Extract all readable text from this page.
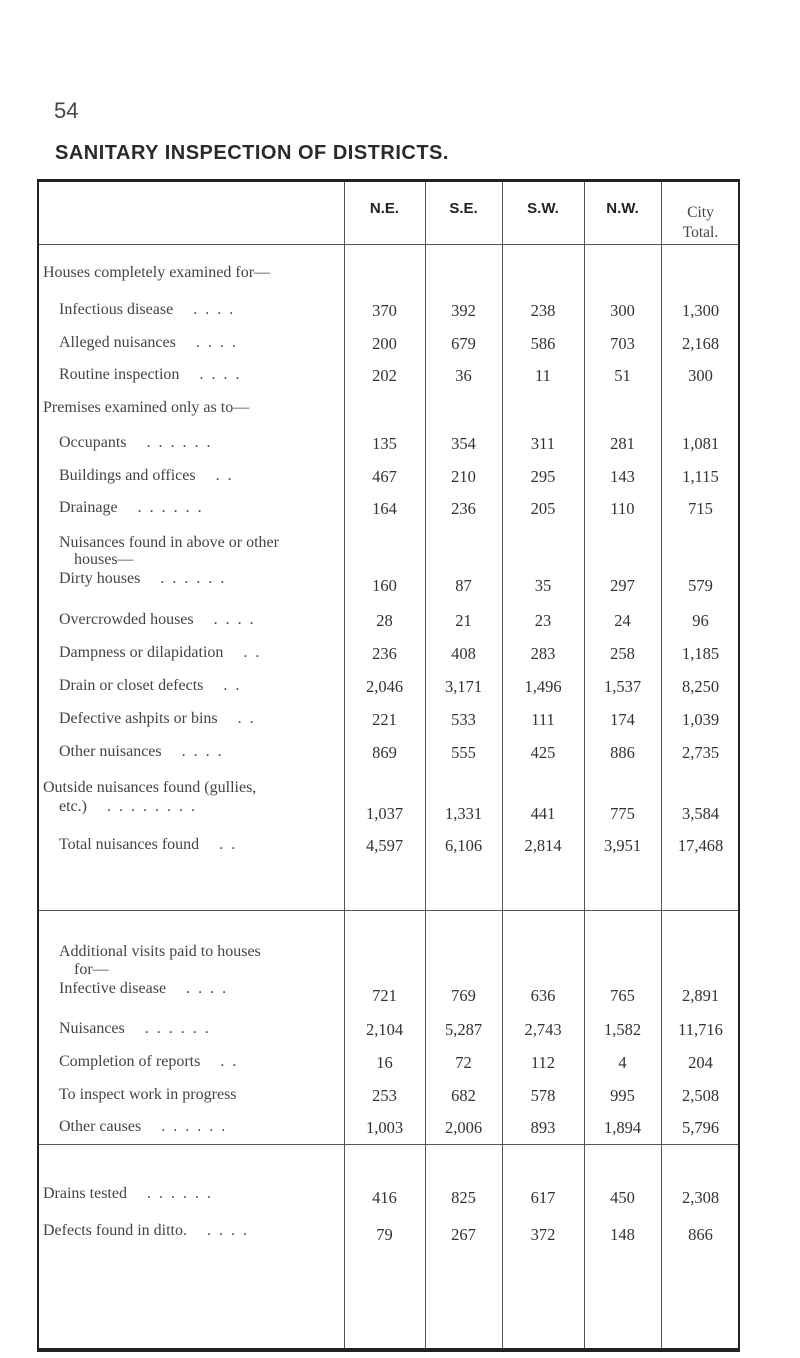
54
SANITARY INSPECTION OF DISTRICTS.
N.E.	S.E.	S.W.	N.W.	City
Total.
Houses completely examined for—
Infectious disease . . . .	370	392	238	300	1,300
Alleged nuisances . . . .	200	679	586	703	2,168
Routine inspection . . . .	202	36	11	51	300
Premises examined only as to—
Occupants . . . . . .	135	354	311	281	1,081
Buildings and offices . .	467	210	295	143	1,115
Drainage . . . . . .	164	236	205	110	715
Nuisances found in above or other
houses—
Dirty houses . . . . . .	160	87	35	297	579
Overcrowded houses . . . .	28	21	23	24	96
Dampness or dilapidation . .	236	408	283	258	1,185
Drain or closet defects . .	2,046	3,171	1,496	1,537	8,250
Defective ashpits or bins . .	221	533	111	174	1,039
Other nuisances . . . .	869	555	425	886	2,735
Outside nuisances found (gullies,
etc.) . . . . . . . .	1,037	1,331	441	775	3,584
Total nuisances found . .	4,597	6,106	2,814	3,951	17,468
Additional visits paid to houses
for—
Infective disease . . . .	721	769	636	765	2,891
Nuisances . . . . . .	2,104	5,287	2,743	1,582	11,716
Completion of reports . .	16	72	112	4	204
To inspect work in progress	253	682	578	995	2,508
Other causes . . . . . .	1,003	2,006	893	1,894	5,796
Drains tested . . . . . .	416	825	617	450	2,308
Defects found in ditto. . . . .	79	267	372	148	866
